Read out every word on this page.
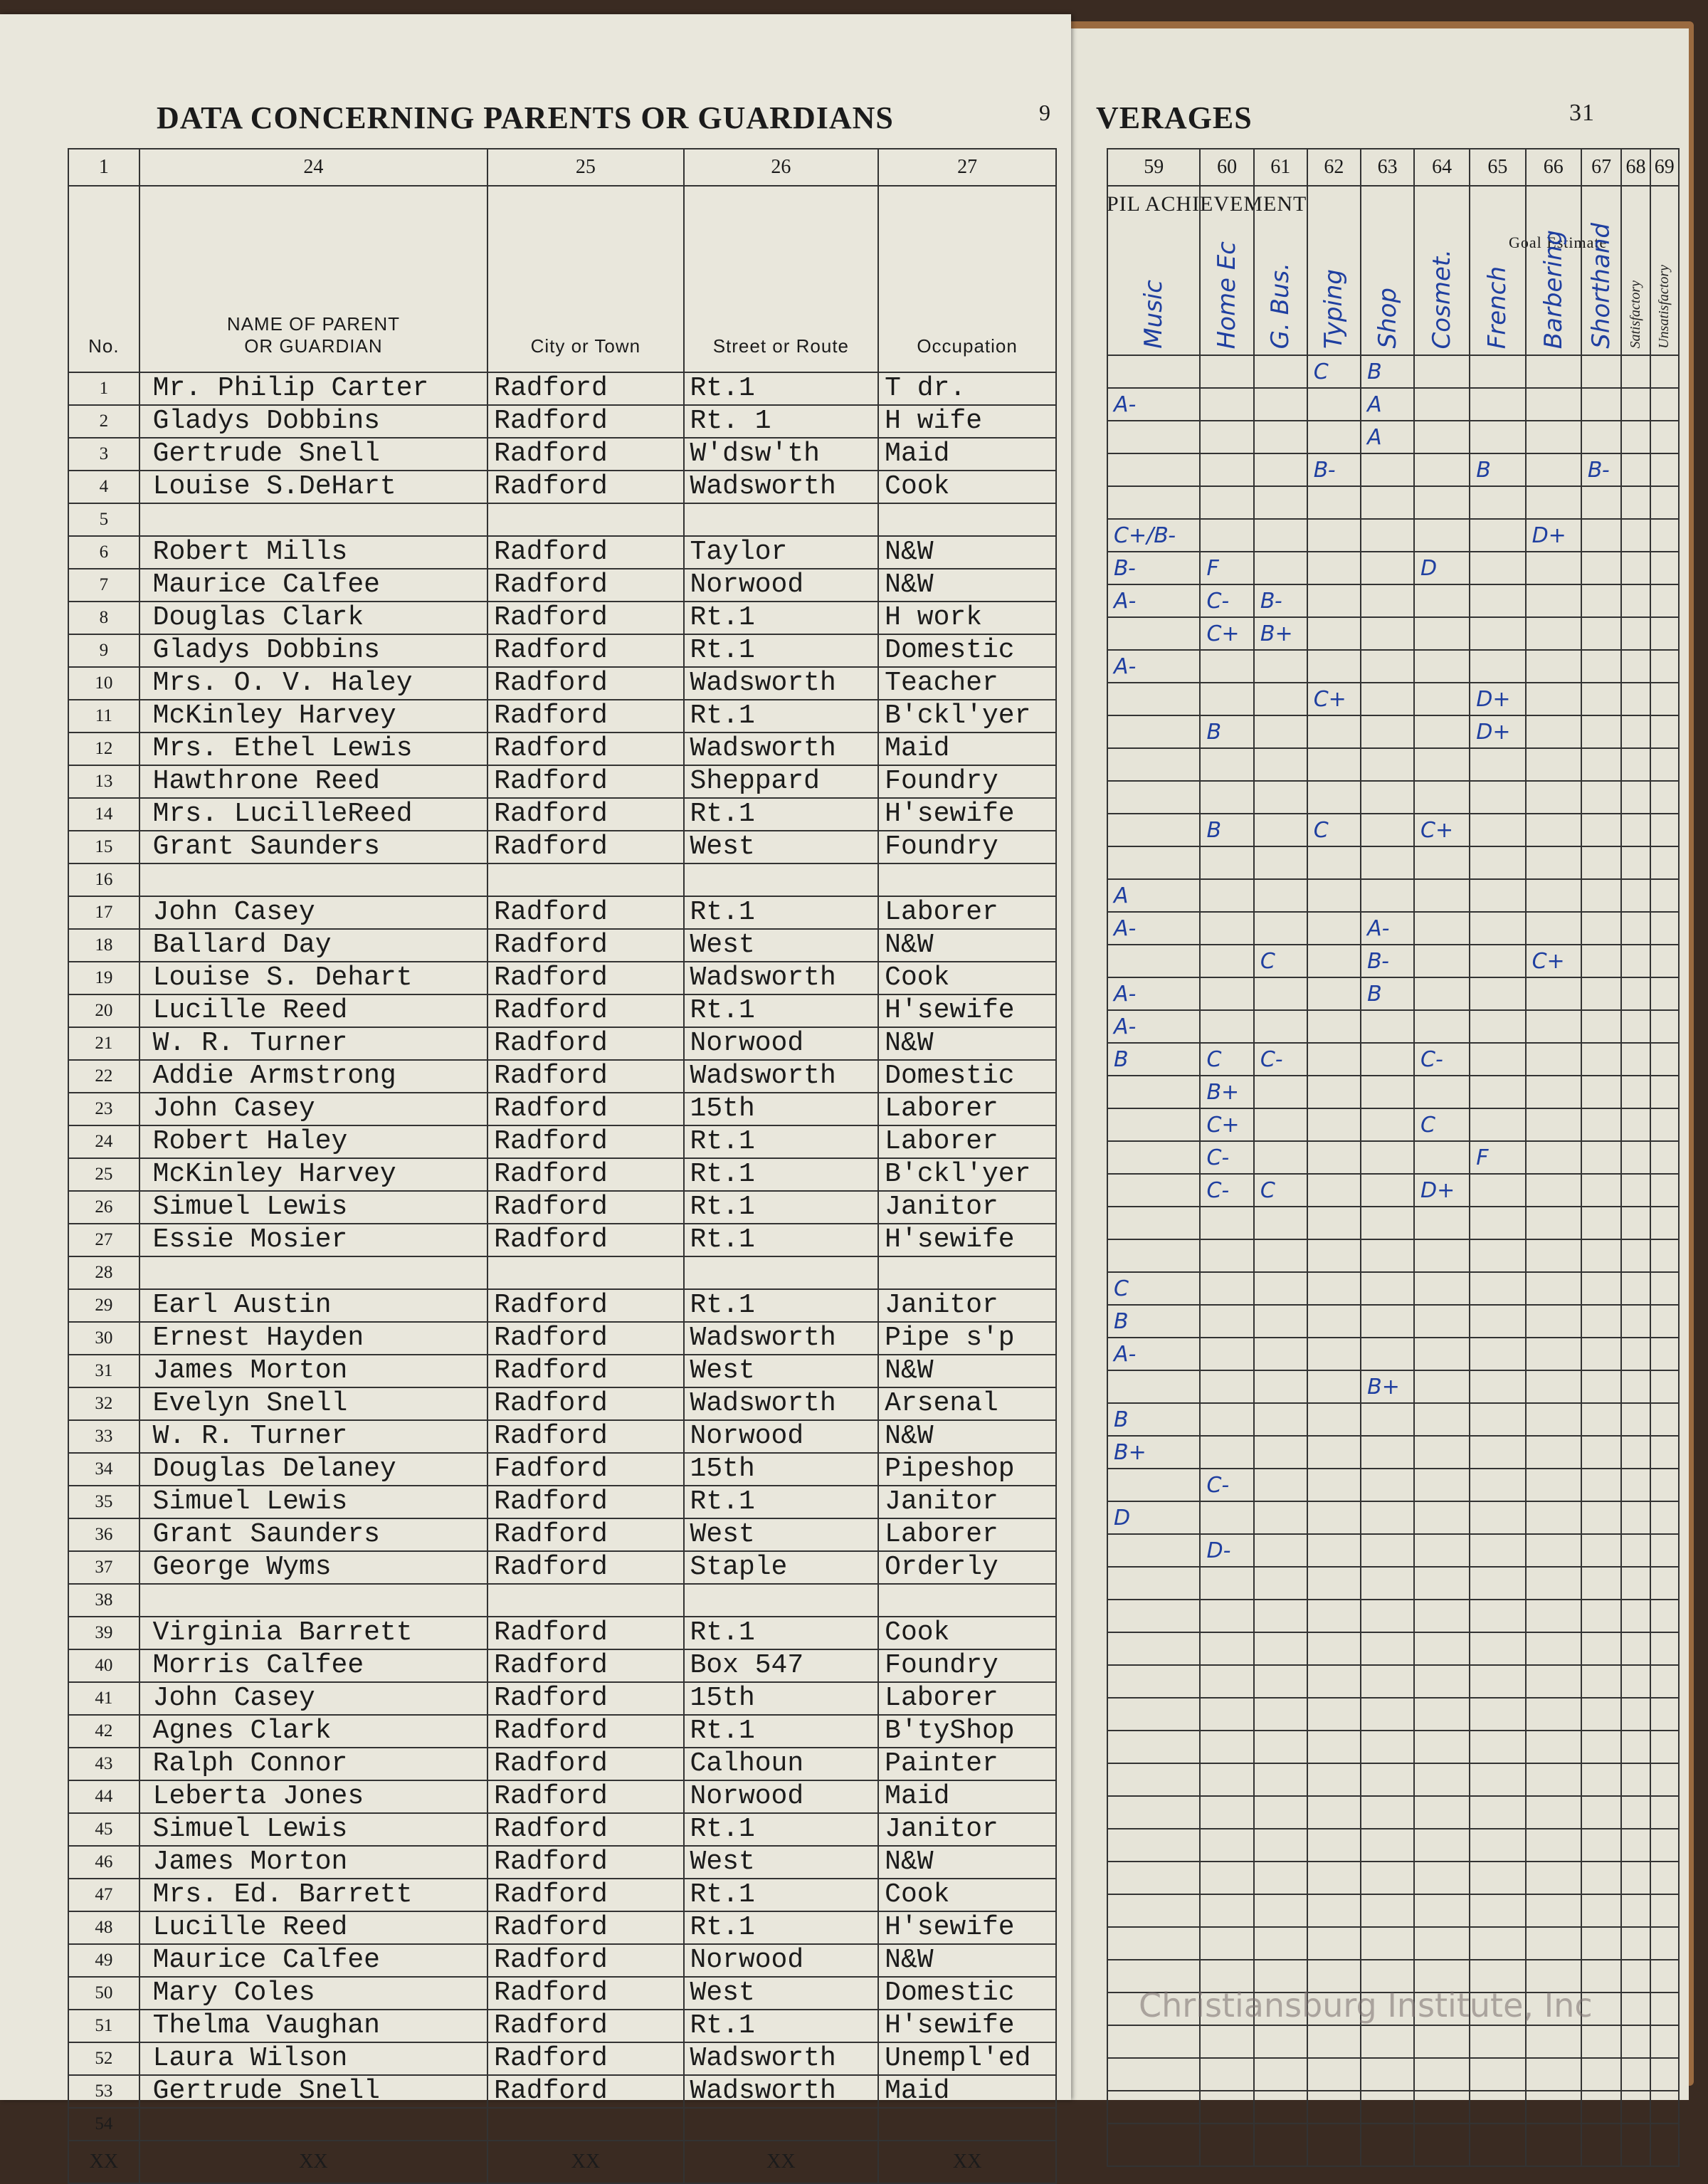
DATA CONCERNING PARENTS OR GUARDIANS	9 VERAGES	31
PIL ACHIEVEMENT
Goal Estimate
1	24	25	26	27
No.	NAME OF PARENT OR GUARDIAN	City or Town	Street or Route	Occupation
1	Mr. Philip Carter	Radford	Rt.1	T dr.
2	Gladys Dobbins	Radford	Rt. 1	H wife
3	Gertrude Snell	Radford	W'dsw'th	Maid
4	Louise S.DeHart	Radford	Wadsworth	Cook
5				
6	Robert Mills	Radford	Taylor	N&W
7	Maurice Calfee	Radford	Norwood	N&W
8	Douglas Clark	Radford	Rt.1	H work
9	Gladys Dobbins	Radford	Rt.1	Domestic
10	Mrs. O. V. Haley	Radford	Wadsworth	Teacher
11	McKinley Harvey	Radford	Rt.1	B'ckl'yer
12	Mrs. Ethel Lewis	Radford	Wadsworth	Maid
13	Hawthrone Reed	Radford	Sheppard	Foundry
14	Mrs. LucilleReed	Radford	Rt.1	H'sewife
15	Grant Saunders	Radford	West	Foundry
16				
17	John Casey	Radford	Rt.1	Laborer
18	Ballard Day	Radford	West	N&W
19	Louise S. Dehart	Radford	Wadsworth	Cook
20	Lucille Reed	Radford	Rt.1	H'sewife
21	W. R. Turner	Radford	Norwood	N&W
22	Addie Armstrong	Radford	Wadsworth	Domestic
23	John Casey	Radford	15th	Laborer
24	Robert Haley	Radford	Rt.1	Laborer
25	McKinley Harvey	Radford	Rt.1	B'ckl'yer
26	Simuel Lewis	Radford	Rt.1	Janitor
27	Essie Mosier	Radford	Rt.1	H'sewife
28				
29	Earl Austin	Radford	Rt.1	Janitor
30	Ernest Hayden	Radford	Wadsworth	Pipe s'p
31	James Morton	Radford	West	N&W
32	Evelyn Snell	Radford	Wadsworth	Arsenal
33	W. R. Turner	Radford	Norwood	N&W
34	Douglas Delaney	Fadford	15th	Pipeshop
35	Simuel Lewis	Radford	Rt.1	Janitor
36	Grant Saunders	Radford	West	Laborer
37	George Wyms	Radford	Staple	Orderly
38				
39	Virginia Barrett	Radford	Rt.1	Cook
40	Morris Calfee	Radford	Box 547	Foundry
41	John Casey	Radford	15th	Laborer
42	Agnes Clark	Radford	Rt.1	B'tyShop
43	Ralph Connor	Radford	Calhoun	Painter
44	Leberta Jones	Radford	Norwood	Maid
45	Simuel Lewis	Radford	Rt.1	Janitor
46	James Morton	Radford	West	N&W
47	Mrs. Ed. Barrett	Radford	Rt.1	Cook
48	Lucille Reed	Radford	Rt.1	H'sewife
49	Maurice Calfee	Radford	Norwood	N&W
50	Mary Coles	Radford	West	Domestic
51	Thelma Vaughan	Radford	Rt.1	H'sewife
52	Laura Wilson	Radford	Wadsworth	Unempl'ed
53	Gertrude Snell	Radford	Wadsworth	Maid
54				
XX	XX	XX	XX	XX
59	60	61	62	63	64	65	66	67	68	69
Music	Home Ec	G. Bus.	Typing	Shop	Cosmet.	French	Barbering	Shorthand	Satisfactory	Unsatisfactory
			C	B						
A-				A						
				A						
			B-			B		B-		

C+/B-							D+			
B-	F				D					
A-	C-	B-								
	C+	B+								
A-										
			C+			D+				
	B					D+				

	B		C		C+					

A										
A-				A-						
		C		B-			C+			
A-				B						
A-										
B	C	C-			C-					
	B+									
	C+				C					
	C-					F				
	C-	C			D+					

C										
B										
A-										
				B+						
B										
B+										
	C-									
D										
	D-									

Christiansburg Institute, Inc
